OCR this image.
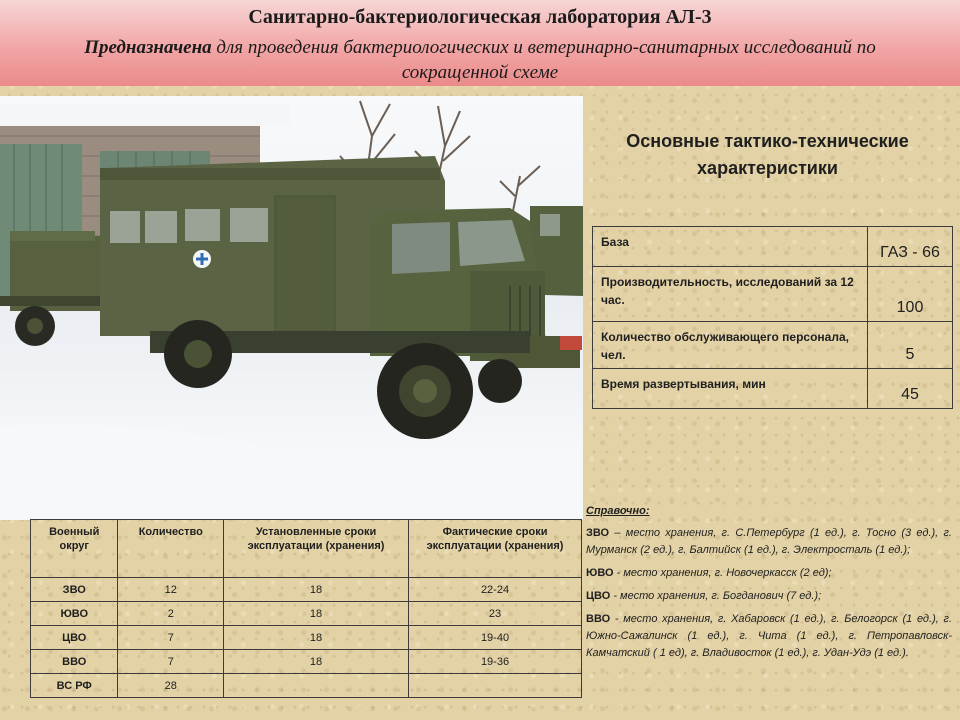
Санитарно-бактериологическая лаборатория АЛ-3
Предназначена для проведения бактериологических и ветеринарно-санитарных исследований по сокращенной схеме
Основные тактико-технические характеристики
База	ГАЗ - 66
Производительность, исследований за 12 час.	100
Количество обслуживающего персонала, чел.	5
Время развертывания, мин	45
Военный округ	Количество	Установленные сроки эксплуатации (хранения)	Фактические сроки эксплуатации (хранения)
ЗВО	12	18	22-24
ЮВО	2	18	23
ЦВО	7	18	19-40
ВВО	7	18	19-36
ВС РФ	28		
Справочно:

ЗВО – место хранения, г. С.Петербург (1 ед.), г. Тосно (3 ед.), г. Мурманск (2 ед.), г. Балтийск (1 ед.), г. Электросталь (1 ед.);

ЮВО - место хранения, г. Новочеркасск (2 ед);

ЦВО - место хранения, г. Богданович (7 ед.);

ВВО - место хранения, г. Хабаровск (1 ед.), г. Белогорск (1 ед.), г. Южно-Сажалинск (1 ед.), г. Чита (1 ед.), г. Петропавловск-Камчатский ( 1 ед), г. Владивосток (1 ед.), г. Удан-Удэ (1 ед.).
